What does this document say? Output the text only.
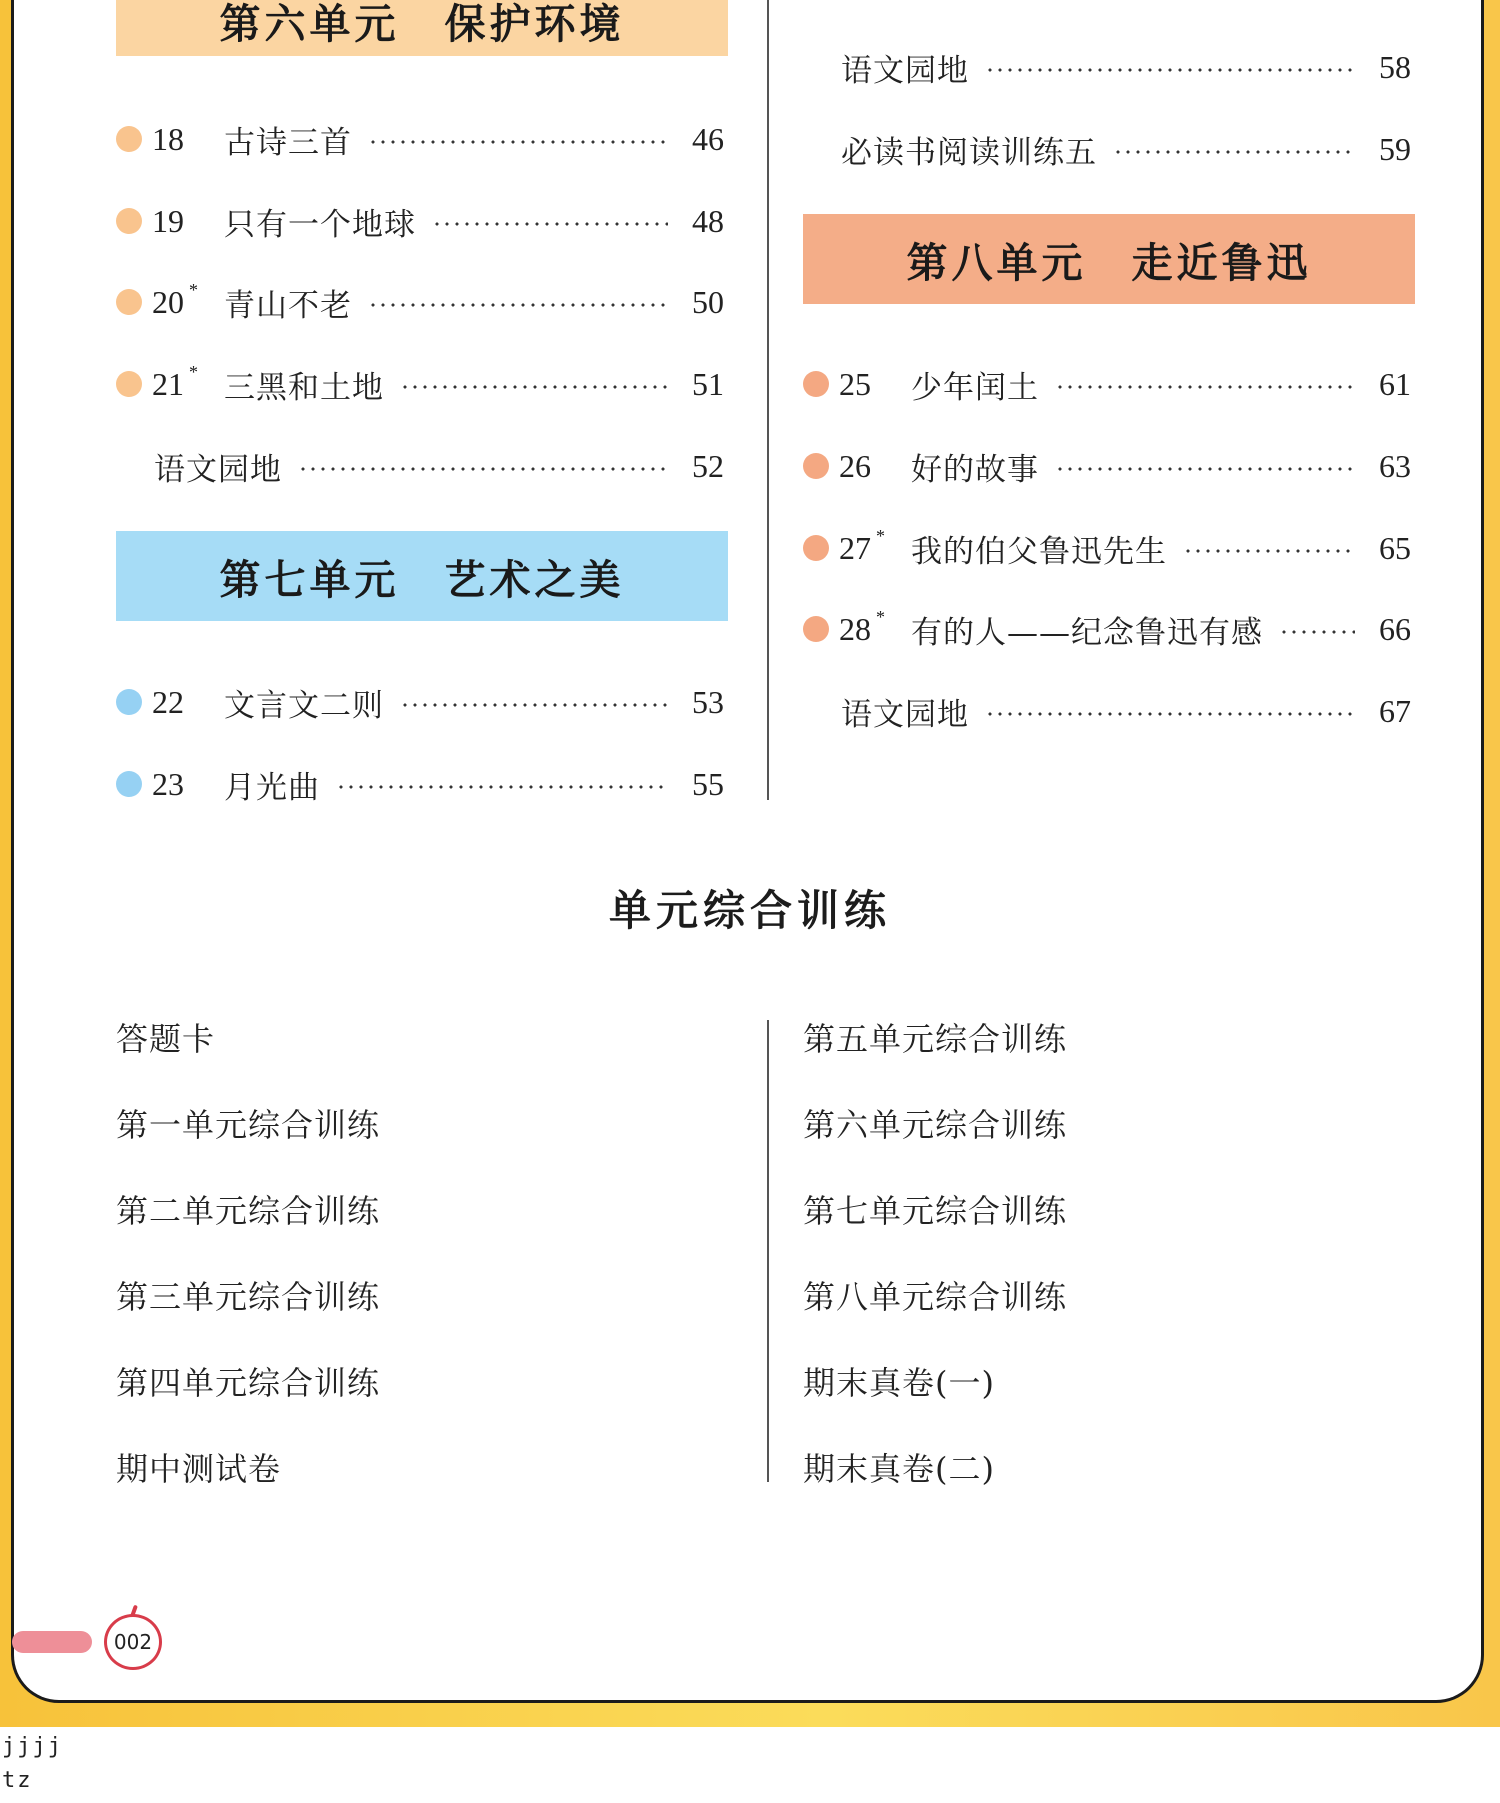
第六单元　保护环境
第七单元　艺术之美
第八单元　走近鲁迅
18 古诗三首	46
19 只有一个地球	48
20 * 青山不老	50
21 * 三黑和土地	51
语文园地	52
22 文言文二则	53
23 月光曲	55
语文园地	58
必读书阅读训练五	59
25 少年闰土	61
26 好的故事	63
27 * 我的伯父鲁迅先生	65
28 * 有的人——纪念鲁迅有感	66
语文园地	67
单元综合训练
答题卡
第一单元综合训练
第二单元综合训练
第三单元综合训练
第四单元综合训练
期中测试卷
第五单元综合训练
第六单元综合训练
第七单元综合训练
第八单元综合训练
期末真卷(一)
期末真卷(二)
002
jjjj
tz
